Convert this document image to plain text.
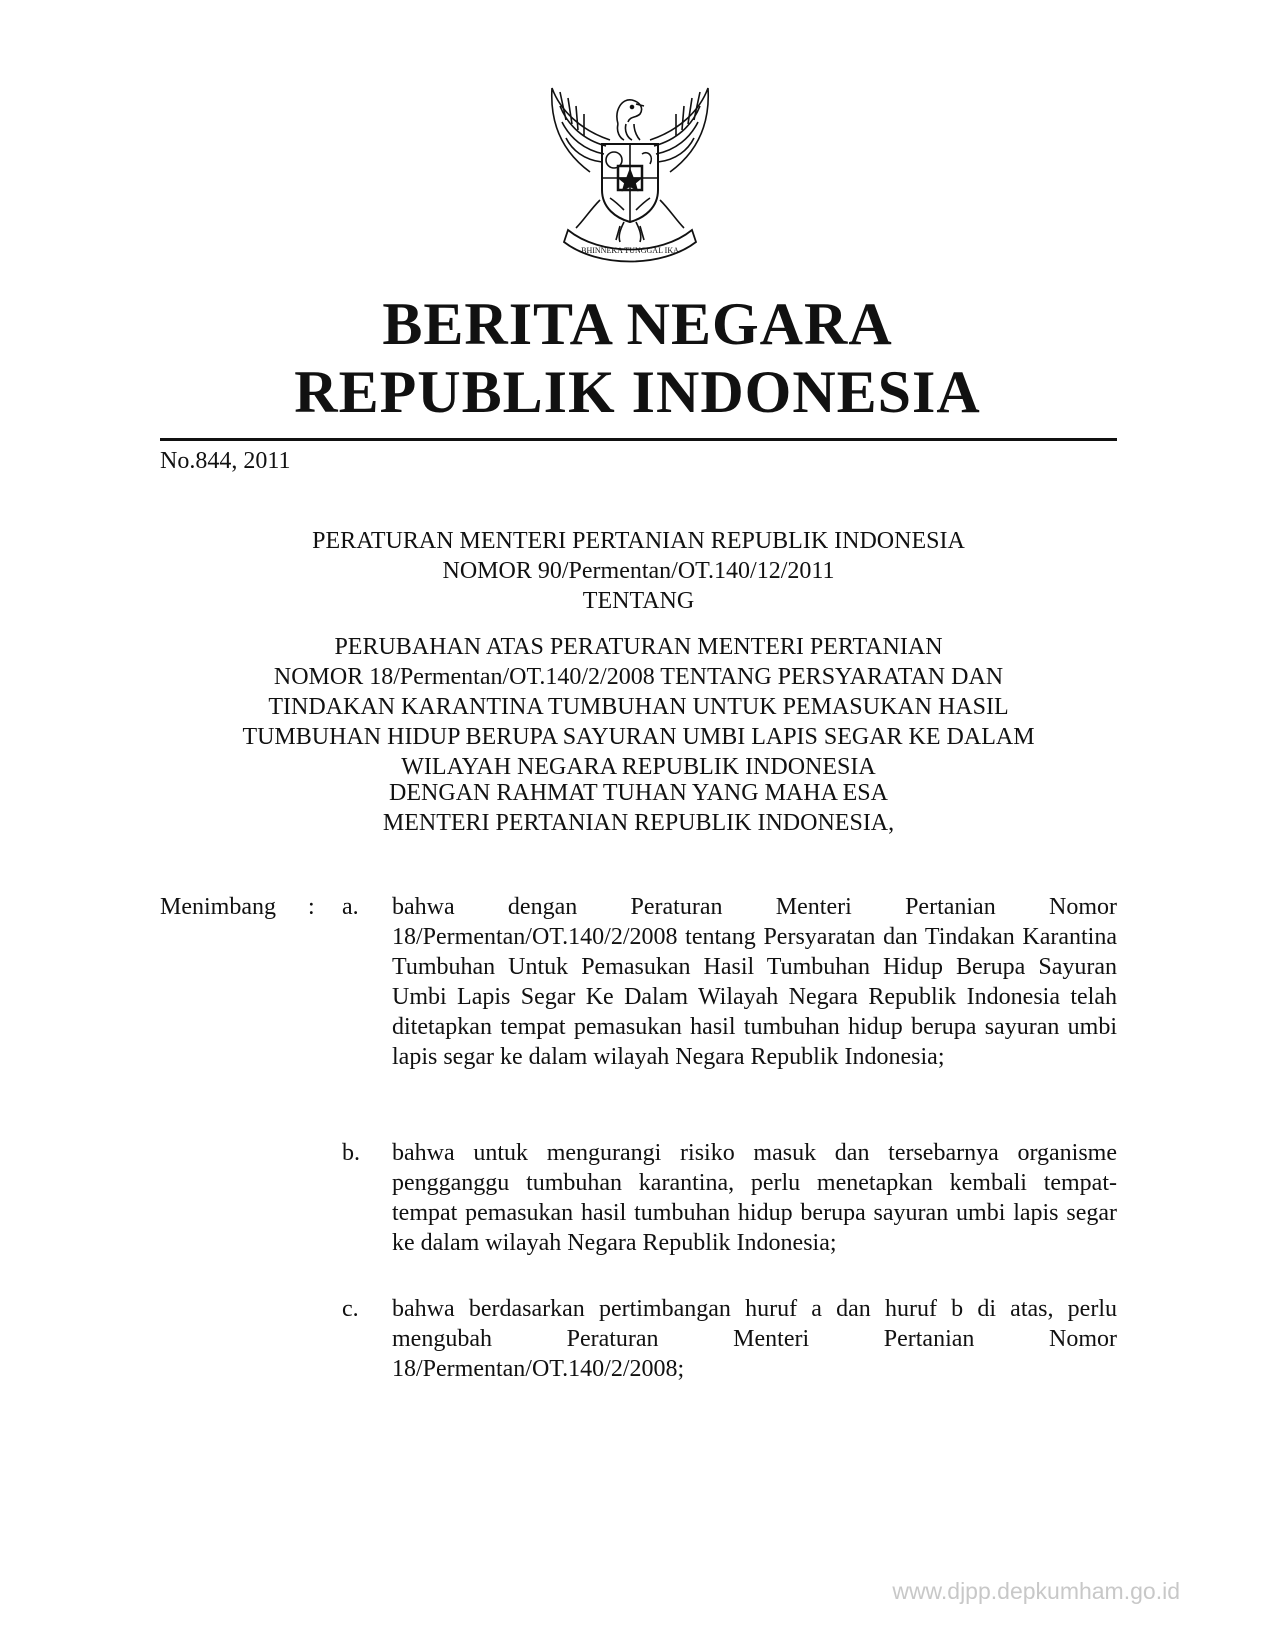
BHINNEKA TUNGGAL IKA
BERITA NEGARA
REPUBLIK INDONESIA
No.844, 2011
PERATURAN MENTERI PERTANIAN REPUBLIK INDONESIA
NOMOR 90/Permentan/OT.140/12/2011
TENTANG
PERUBAHAN ATAS PERATURAN MENTERI PERTANIAN
NOMOR 18/Permentan/OT.140/2/2008 TENTANG PERSYARATAN DAN
TINDAKAN KARANTINA TUMBUHAN UNTUK PEMASUKAN HASIL
TUMBUHAN HIDUP BERUPA SAYURAN UMBI LAPIS SEGAR KE DALAM
WILAYAH NEGARA REPUBLIK INDONESIA
DENGAN RAHMAT TUHAN YANG MAHA ESA
MENTERI PERTANIAN REPUBLIK INDONESIA,
Menimbang : a. bahwa dengan Peraturan Menteri Pertanian Nomor 18/Permentan/OT.140/2/2008 tentang Persyaratan dan Tindakan Karantina Tumbuhan Untuk Pemasukan Hasil Tumbuhan Hidup Berupa Sayuran Umbi Lapis Segar Ke Dalam Wilayah Negara Republik Indonesia telah ditetapkan tempat pemasukan hasil tumbuhan hidup berupa sayuran umbi lapis segar ke dalam wilayah Negara Republik Indonesia;
b. bahwa untuk mengurangi risiko masuk dan tersebarnya organisme pengganggu tumbuhan karantina, perlu menetapkan kembali tempat-tempat pemasukan hasil tumbuhan hidup berupa sayuran umbi lapis segar ke dalam wilayah Negara Republik Indonesia;
c. bahwa berdasarkan pertimbangan huruf a dan huruf b di atas, perlu mengubah Peraturan Menteri Pertanian Nomor 18/Permentan/OT.140/2/2008;
www.djpp.depkumham.go.id
